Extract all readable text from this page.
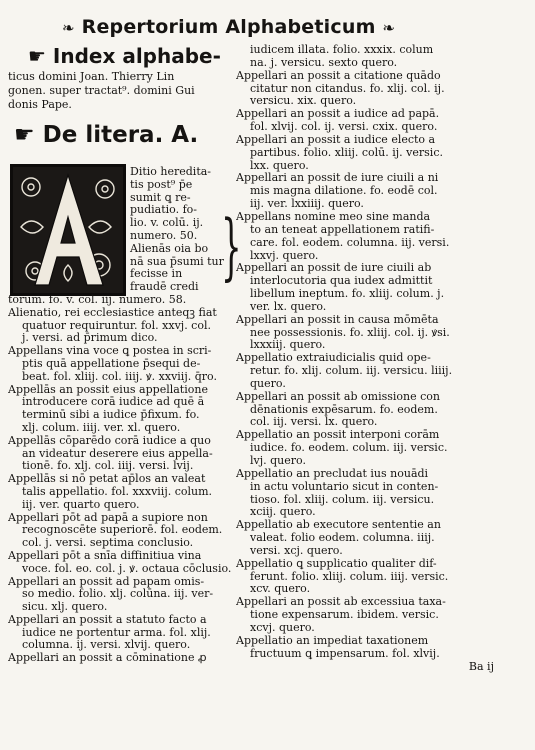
❧ Repertorium Alphabeticum ❧
☛ Index alphabe-
ticus domini Joan. Thierry Lin
gonen. super tractat⁹. domini Gui
donis Pape.
☛ De litera. A.
Ditio heredita-
tis post⁹ p̄e
sumit ꝗ re-
pudiatio. fo-
lio. v. colū. ij.
numero. 50.
Alienās oia bo
nā sua p̄sumi tur
fecisse in
fraudē credi
torum. fo. v. col. iij. numero. 58.
Alienatio, rei ecclesiastice anteqꝫ fiat
quatuor requiruntur. fol. xxvj. col.
j. versi. ad p̄rimum dico.
Appellans vina voce ꝗ postea in scri-
ptis quā appellatione p̄sequi de-
beat. fol. xliij. col. iiij. ꝟ. xxviij. q̄ro.
Appellās an possit eius appellatione
introducere corā iudice ad quē ā
terminū sibi a iudice p̄fixum. fo.
xlj. colum. iiij. ver. xl. quero.
Appellās cōparēdo corā iudice a quo
an videatur deserere eius appella-
tionē. fo. xlj. col. iiij. versi. lvij.
Appellās si nō petat ap̄los an valeat
talis appellatio. fol. xxxviij. colum.
iij. ver. quarto quero.
Appellari pōt ad papā a supiore non
recognoscēte superiorē. fol. eodem.
col. j. versi. septima conclusio.
Appellari pōt a snīa diffinitiua vina
voce. fol. eo. col. j. ꝟ. octaua cōclusio.
Appellari an possit ad papam omis-
so medio. folio. xlj. colūna. iij. ver-
sicu. xlj. quero.
Appellari an possit a statuto facto a
iudice ne portentur arma. fol. xlij.
columna. ij. versi. xlvij. quero.
Appellari an possit a cōminatione ꝓ
}
iudicem illata. folio. xxxix. colum
na. j. versicu. sexto quero.
Appellari an possit a citatione quādo
citatur non citandus. fo. xlij. col. ij.
versicu. xix. quero.
Appellari an possit a iudice ad papā.
fol. xlvij. col. ij. versi. cxix. quero.
Appellari an possit a iudice electo a
partibus. folio. xliij. colū. ij. versic.
lxx. quero.
Appellari an possit de iure ciuili a ni
mis magna dilatione. fo. eodē col.
iij. ver. lxxiiij. quero.
Appellans nomine meo sine manda
to an teneat appellationem ratifi-
care. fol. eodem. columna. iij. versi.
lxxvj. quero.
Appellari an possit de iure ciuili ab
interlocutoria qua iudex admittit
libellum ineptum. fo. xliij. colum. j.
ver. lx. quero.
Appellari an possit in causa mōmēta
nee possessionis. fo. xliij. col. ij. ꝟsi.
lxxxiij. quero.
Appellatio extraiudicialis quid ope-
retur. fo. xlij. colum. iij. versicu. liiij.
quero.
Appellari an possit ab omissione con
dēnationis expēsarum. fo. eodem.
col. iij. versi. lx. quero.
Appellatio an possit interponi corām
iudice. fo. eodem. colum. iij. versic.
lvj. quero.
Appellatio an precludat ius nouādi
in actu voluntario sicut in conten-
tioso. fol. xliij. colum. iij. versicu.
xciij. quero.
Appellatio ab executore sententie an
valeat. folio eodem. columna. iiij.
versi. xcj. quero.
Appellatio ꝗ supplicatio qualiter dif-
ferunt. folio. xliij. colum. iiij. versic.
xcv. quero.
Appellari an possit ab excessiua taxa-
tione expensarum. ibidem. versic.
xcvj. quero.
Appellatio an impediat taxationem
fructuum ꝗ impensarum. fol. xlvij.
Ba ij
